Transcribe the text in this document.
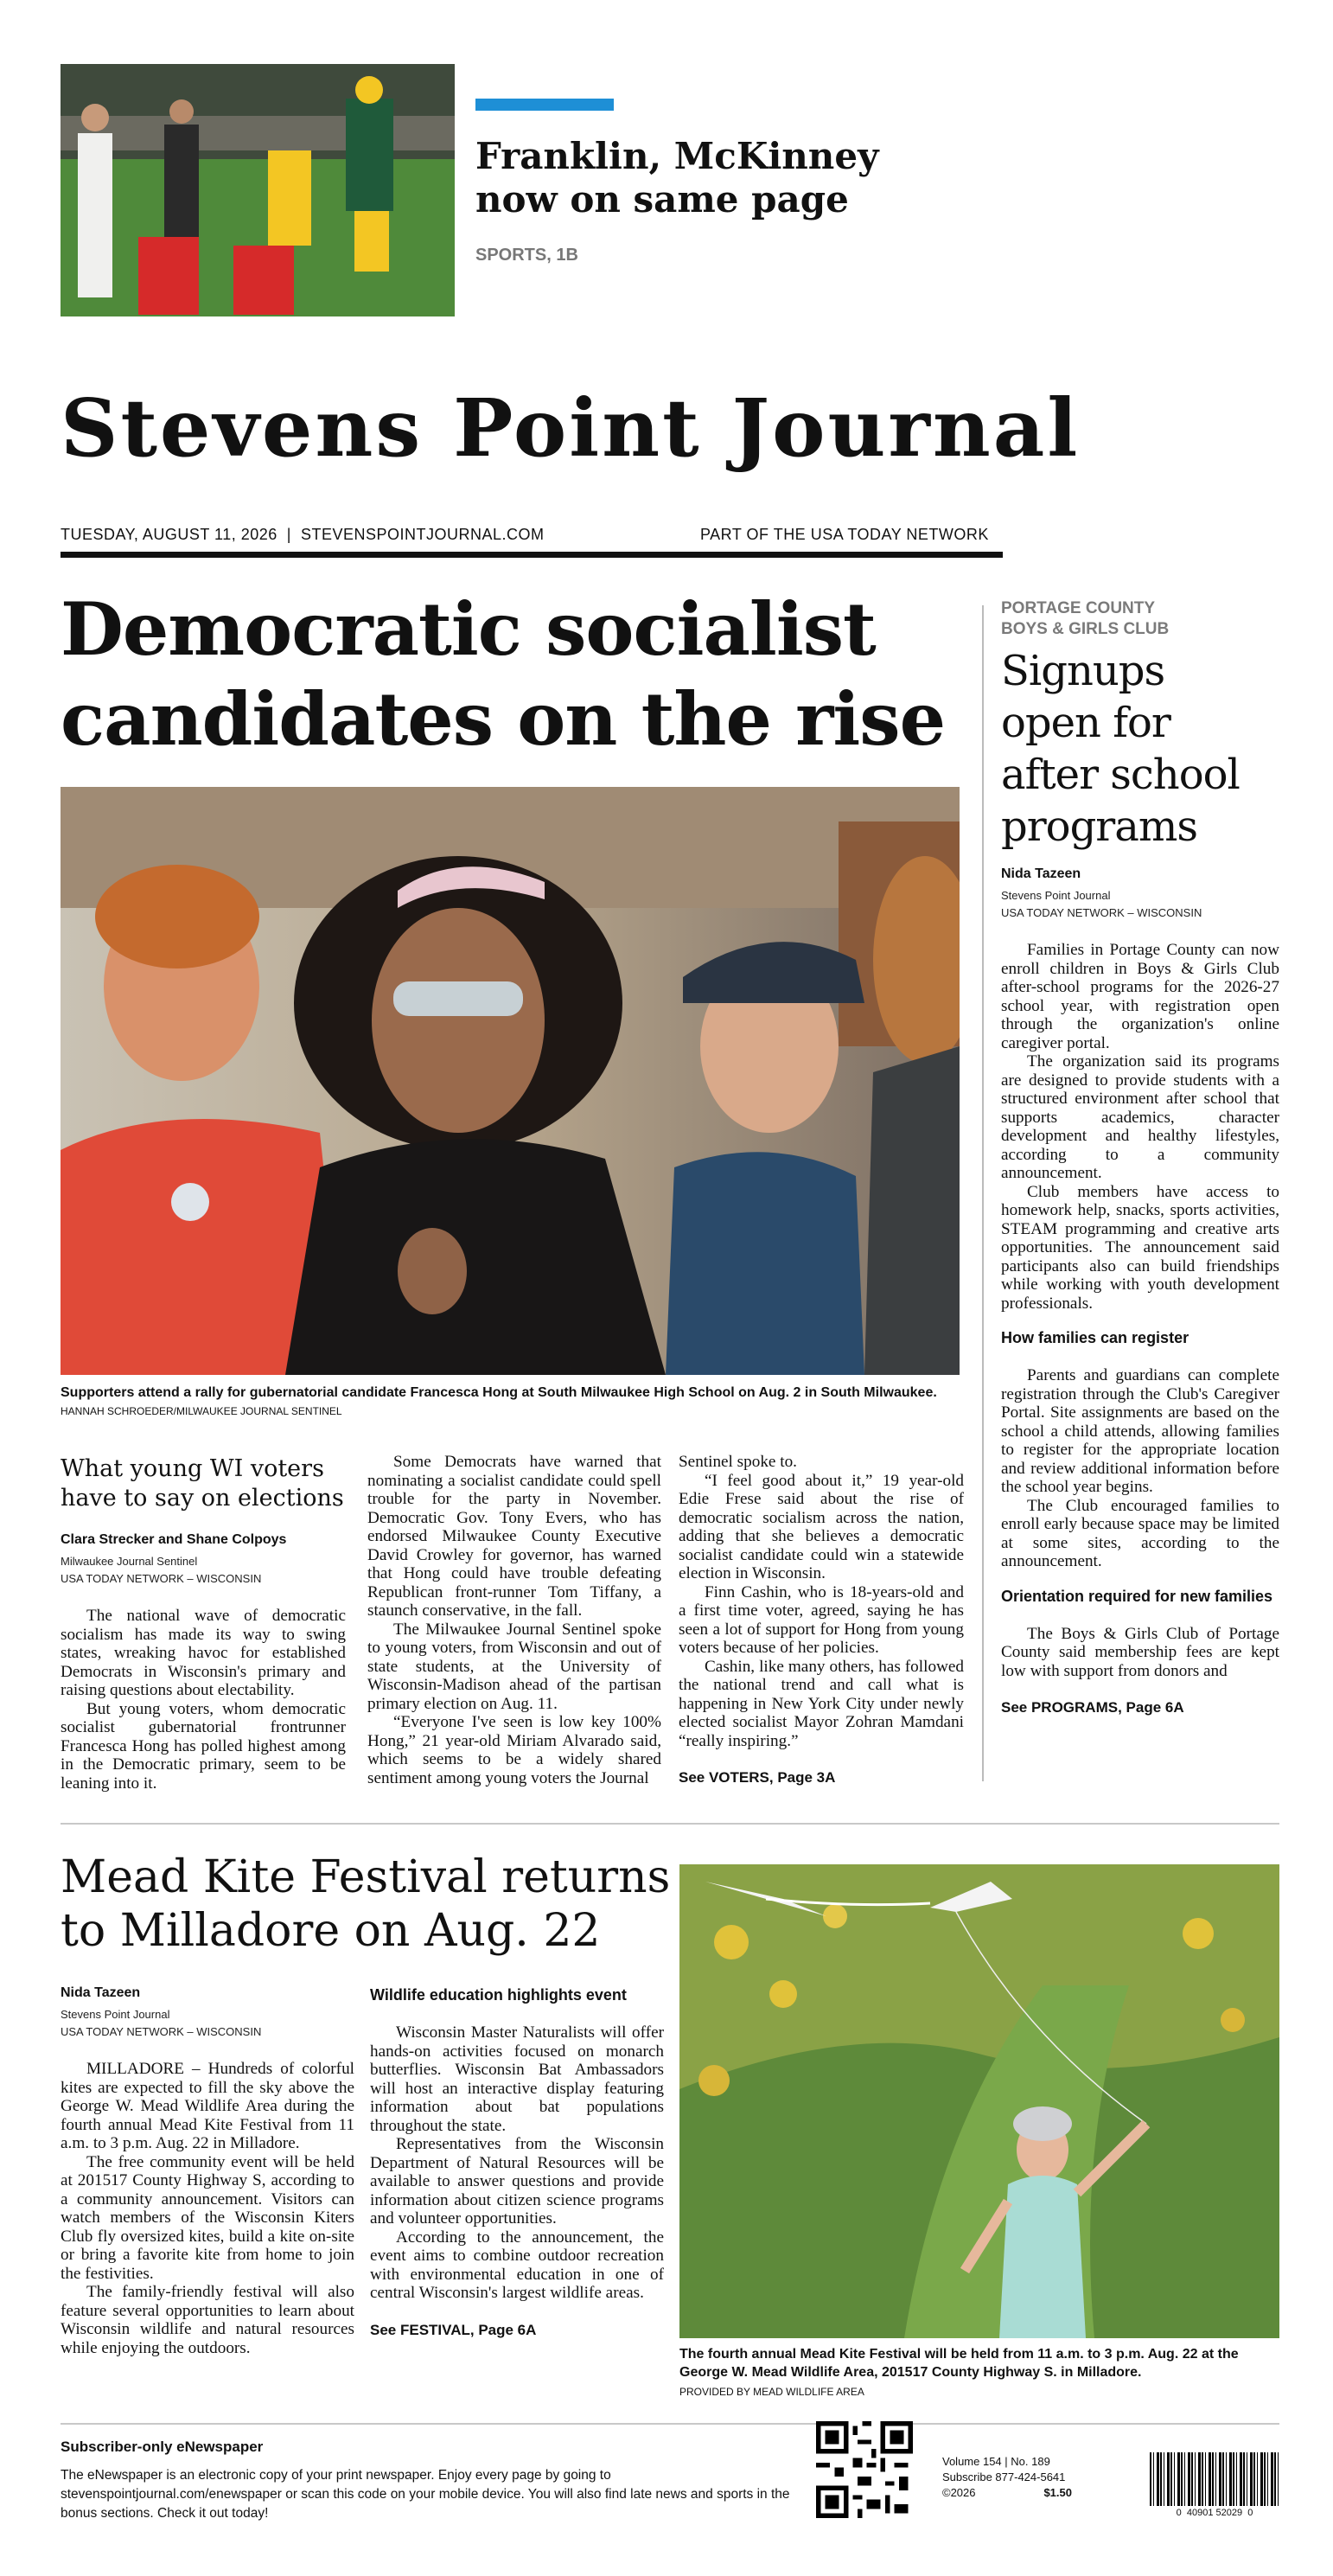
Franklin, McKinney
now on same page
SPORTS, 1B
Stevens Point Journal
TUESDAY, AUGUST 11, 2026  |  STEVENSPOINTJOURNAL.COM	PART OF THE USA TODAY NETWORK
Democratic socialist
candidates on the rise
Supporters attend a rally for gubernatorial candidate Francesca Hong at South Milwaukee High School on Aug. 2 in South Milwaukee. HANNAH SCHROEDER/MILWAUKEE JOURNAL SENTINEL
What young WI voters have to say on elections
Clara Strecker and Shane Colpoys
Milwaukee Journal Sentinel
USA TODAY NETWORK – WISCONSIN

The national wave of democratic socialism has made its way to swing states, wreaking havoc for established Democrats in Wisconsin's primary and raising questions about electability.

But young voters, whom democratic socialist gubernatorial frontrunner Francesca Hong has polled highest among in the Democratic primary, seem to be leaning into it.

Some Democrats have warned that nominating a socialist candidate could spell trouble for the party in November. Democratic Gov. Tony Evers, who has endorsed Milwaukee County Executive David Crowley for governor, has warned that Hong could have trouble defeating Republican front-runner Tom Tiffany, a staunch conservative, in the fall.

The Milwaukee Journal Sentinel spoke to young voters, from Wisconsin and out of state students, at the University of Wisconsin-Madison ahead of the partisan primary election on Aug. 11.

“Everyone I've seen is low key 100% Hong,” 21 year-old Miriam Alvarado said, which seems to be a widely shared sentiment among young voters the Journal

Sentinel spoke to.

“I feel good about it,” 19 year-old Edie Frese said about the rise of democratic socialism across the nation, adding that she believes a democratic socialist candidate could win a statewide election in Wisconsin.

Finn Cashin, who is 18-years-old and a first time voter, agreed, saying he has seen a lot of support for Hong from young voters because of her policies.

Cashin, like many others, has followed the national trend and call what is happening in New York City under newly elected socialist Mayor Zohran Mamdani “really inspiring.”

See VOTERS, Page 3A
PORTAGE COUNTY
BOYS & GIRLS CLUB
Signups
open for
after school
programs
Nida Tazeen
Stevens Point Journal
USA TODAY NETWORK – WISCONSIN

Families in Portage County can now enroll children in Boys & Girls Club after-school programs for the 2026-27 school year, with registration open through the organization's online caregiver portal.

The organization said its programs are designed to provide students with a structured environment after school that supports academics, character development and healthy lifestyles, according to a community announcement.

Club members have access to homework help, snacks, sports activities, STEAM programming and creative arts opportunities. The announcement said participants also can build friendships while working with youth development professionals.

How families can register

Parents and guardians can complete registration through the Club's Caregiver Portal. Site assignments are based on the school a child attends, allowing families to register for the appropriate location and review additional information before the school year begins.

The Club encouraged families to enroll early because space may be limited at some sites, according to the announcement.

Orientation required for new families

The Boys & Girls Club of Portage County said membership fees are kept low with support from donors and

See PROGRAMS, Page 6A
Mead Kite Festival returns
to Milladore on Aug. 22
Nida Tazeen
Stevens Point Journal
USA TODAY NETWORK – WISCONSIN

MILLADORE – Hundreds of colorful kites are expected to fill the sky above the George W. Mead Wildlife Area during the fourth annual Mead Kite Festival from 11 a.m. to 3 p.m. Aug. 22 in Milladore.

The free community event will be held at 201517 County Highway S, according to a community announcement. Visitors can watch members of the Wisconsin Kiters Club fly oversized kites, build a kite on-site or bring a favorite kite from home to join the festivities.

The family-friendly festival will also feature several opportunities to learn about Wisconsin wildlife and natural resources while enjoying the outdoors.

Wildlife education highlights event

Wisconsin Master Naturalists will offer hands-on activities focused on monarch butterflies. Wisconsin Bat Ambassadors will host an interactive display featuring information about bat populations throughout the state.

Representatives from the Wisconsin Department of Natural Resources will be available to answer questions and provide information about citizen science programs and volunteer opportunities.

According to the announcement, the event aims to combine outdoor recreation with environmental education in one of central Wisconsin's largest wildlife areas.

See FESTIVAL, Page 6A
The fourth annual Mead Kite Festival will be held from 11 a.m. to 3 p.m. Aug. 22 at the George W. Mead Wildlife Area, 201517 County Highway S. in Milladore.
PROVIDED BY MEAD WILDLIFE AREA
Subscriber-only eNewspaper
The eNewspaper is an electronic copy of your print newspaper. Enjoy every page by going to stevenspointjournal.com/enewspaper or scan this code on your mobile device. You will also find late news and sports in the bonus sections. Check it out today!
Volume 154 | No. 189
Subscribe 877-424-5641
©2026	$1.50
0  40901 52029  0
